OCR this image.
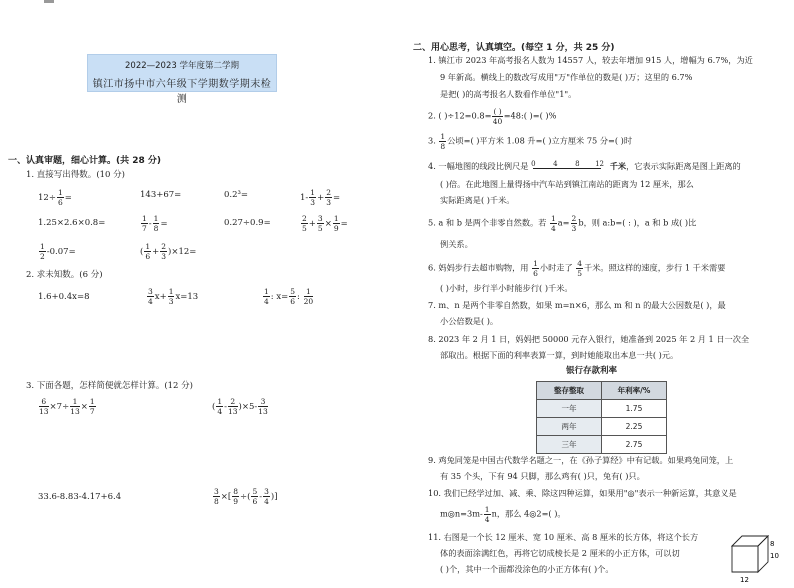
2022—2023 学年度第二学期
镇江市扬中市六年级下学期数学期末检测
一、认真审题，细心计算。(共 28 分)
1. 直接写出得数。(10 分)
$12\div \frac{1}{6}$ =	143+67=	0.2³=	$1- \frac{1}{3} + \frac{2}{3}$ =
1.25×2.6×0.8=	$\frac{1}{7} - \frac{1}{8}$ =	0.27÷0.9=	$\frac{2}{5} + \frac{3}{5} \times \frac{1}{9}$ =
$\frac{1}{2} -0.07=$	( $\frac{1}{6} + \frac{2}{3} )\times 12=$
2. 求未知数。(6 分)
1.6+0.4x=8	$\frac{3}{4} x+ \frac{1}{3} x=13$	$\frac{1}{4}$ : $x= \frac{5}{6}$ : $\frac{1}{20}$
3. 下面各题，怎样简便就怎样计算。(12 分)
$\frac{6}{13} \times 7\div \frac{1}{13} \times \frac{1}{7}$	( $\frac{1}{4} - \frac{2}{13} )\times 5- \frac{3}{13}$
33.6-8.83-4.17+6.4	$\frac{3}{8}$ ×[ $\frac{8}{9}$ ÷( $\frac{5}{6} - \frac{3}{4}$ )]
二、用心思考，认真填空。(每空 1 分，共 25 分)
1. 镇江市 2023 年高考报名人数为 14557 人，较去年增加 915 人，增幅为 6.7%，为近
9 年新高。横线上的数改写成用"万"作单位的数是( )万；这里的 6.7%
是把( )的高考报名人数看作单位"1"。
2. ( )$\div 12=0.8= \frac{( )}{40}$ =48:( )=( )%
3. $\frac{1}{8}$ 公顷=( )平方米 1.08 升=( )立方厘米 75 分=( )时
4. 一幅地图的线段比例尺是 0	4	8 12 千米，它表示实际距离是图上距离的
( )倍。在此地图上量得扬中汽车站到镇江南站的距离为 12 厘米，那么
实际距离是( )千米。
5. a 和 b 是两个非零自然数。若 $\frac{1}{4} a= \frac{2}{3}$ b，则 a:b=( : )，a 和 b 成( )比
例关系。
6. 妈妈步行去超市购物，用 $\frac{1}{6}$ 小时走了 $\frac{4}{5}$ 千米。照这样的速度，步行 1 千米需要
( )小时，步行半小时能步行( )千米。
7. m、n 是两个非零自然数，如果 m=n×6，那么 m 和 n 的最大公因数是( )，最
小公倍数是( )。
8. 2023 年 2 月 1 日，妈妈把 50000 元存入银行，她准备到 2025 年 2 月 1 日一次全
部取出。根据下面的利率表算一算，到时她能取出本息一共( )元。
银行存款利率
整存整取	年利率/%
一年	1.75
两年	2.25
三年	2.75
9. 鸡兔同笼是中国古代数学名题之一，在《孙子算经》中有记载。如果鸡兔同笼，上
有 35 个头，下有 94 只脚，那么鸡有( )只，兔有( )只。
10. 我们已经学过加、减、乘、除这四种运算，如果用"◎"表示一种新运算，其意义是
m◎n=3m- $\frac{1}{4}$ n，那么 4◎2=( )。
11. 右图是一个长 12 厘米、宽 10 厘米、高 8 厘米的长方体，将这个长方
体的表面涂满红色，再将它切成棱长是 2 厘米的小正方体，可以切
( )个，其中一个面都没涂色的小正方体有( )个。
8
10
12
